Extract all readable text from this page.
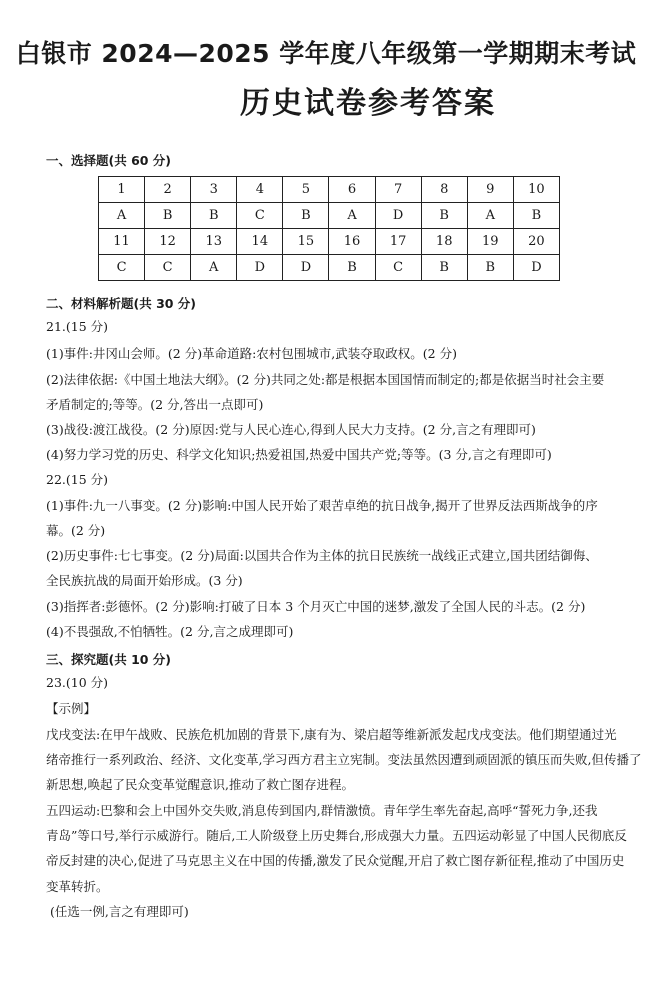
白银市 2024—2025 学年度八年级第一学期期末考试
历史试卷参考答案
一、选择题(共 60 分)
1	2	3	4	5	6	7	8	9	10
A	B	B	C	B	A	D	B	A	B
11	12	13	14	15	16	17	18	19	20
C	C	A	D	D	B	C	B	B	D
二、材料解析题(共 30 分)
21.(15 分)
(1)事件:井冈山会师。(2 分)革命道路:农村包围城市,武装夺取政权。(2 分)
(2)法律依据:《中国土地法大纲》。(2 分)共同之处:都是根据本国国情而制定的;都是依据当时社会主要
矛盾制定的;等等。(2 分,答出一点即可)
(3)战役:渡江战役。(2 分)原因:党与人民心连心,得到人民大力支持。(2 分,言之有理即可)
(4)努力学习党的历史、科学文化知识;热爱祖国,热爱中国共产党;等等。(3 分,言之有理即可)
22.(15 分)
(1)事件:九一八事变。(2 分)影响:中国人民开始了艰苦卓绝的抗日战争,揭开了世界反法西斯战争的序
幕。(2 分)
(2)历史事件:七七事变。(2 分)局面:以国共合作为主体的抗日民族统一战线正式建立,国共团结御侮、
全民族抗战的局面开始形成。(3 分)
(3)指挥者:彭德怀。(2 分)影响:打破了日本 3 个月灭亡中国的迷梦,激发了全国人民的斗志。(2 分)
(4)不畏强敌,不怕牺牲。(2 分,言之成理即可)
三、探究题(共 10 分)
23.(10 分)
【示例】
戊戌变法:在甲午战败、民族危机加剧的背景下,康有为、梁启超等维新派发起戊戌变法。他们期望通过光
绪帝推行一系列政治、经济、文化变革,学习西方君主立宪制。变法虽然因遭到顽固派的镇压而失败,但传播了
新思想,唤起了民众变革觉醒意识,推动了救亡图存进程。
五四运动:巴黎和会上中国外交失败,消息传到国内,群情激愤。青年学生率先奋起,高呼“誓死力争,还我
青岛”等口号,举行示威游行。随后,工人阶级登上历史舞台,形成强大力量。五四运动彰显了中国人民彻底反
帝反封建的决心,促进了马克思主义在中国的传播,激发了民众觉醒,开启了救亡图存新征程,推动了中国历史
变革转折。
(任选一例,言之有理即可)
